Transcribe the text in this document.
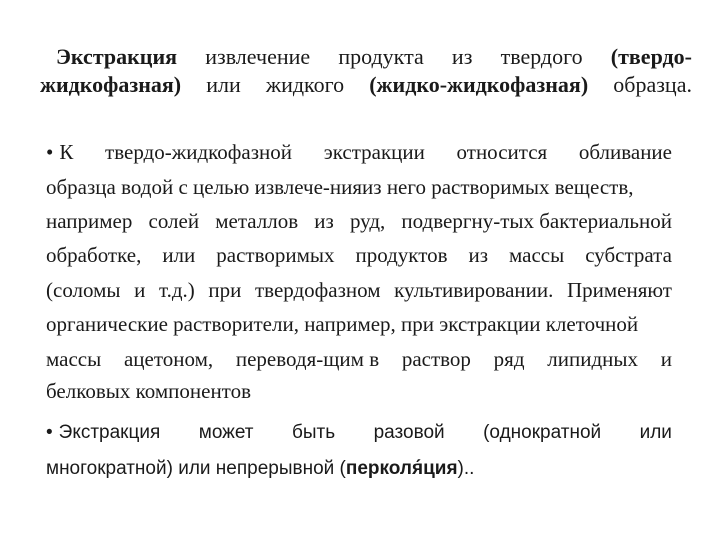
Экстракция извлечение продукта из твердого (твердо-
жидкофазная) или жидкого (жидко-жидкофазная) образца.
• К твердо-жидкофазной экстракции относится обливание
образца водой с целью извлече-нияиз него растворимых веществ,
например солей металлов из руд, подвергну-тых бактериальной
обработке, или растворимых продуктов из массы субстрата
(соломы и т.д.) при твердофазном культивировании. Применяют
органические растворители, например, при экстракции клеточной
массы ацетоном, переводя-щим в раствор ряд липидных и
белковых компонентов
• Экстракция может быть разовой (однократной или
многократной) или непрерывной (перколя́ция)..
